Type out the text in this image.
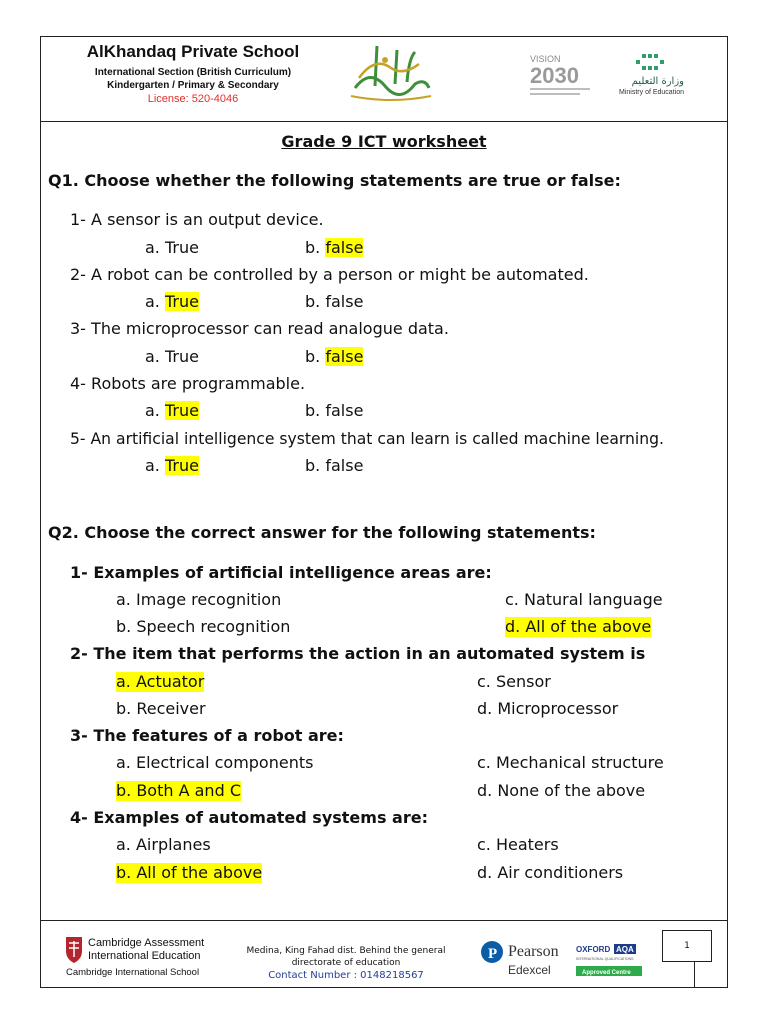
AlKhandaq Private School
International Section (British Curriculum)
Kindergarten / Primary & Secondary
License: 520-4046
VISION
2030	وزارة التعليم
Ministry of Education
Grade 9 ICT worksheet
Q1. Choose whether the following statements are true or false:
1- A sensor is an output device.
a. True	b. false
2- A robot can be controlled by a person or might be automated.
a. True	b. false
3- The microprocessor can read analogue data.
a. True	b. false
4- Robots are programmable.
a. True	b. false
5- An artificial intelligence system that can learn is called machine learning.
a. True	b. false
Q2. Choose the correct answer for the following statements:
1- Examples of artificial intelligence areas are:
a. Image recognition	c. Natural language
b. Speech recognition	d. All of the above
2- The item that performs the action in an automated system is
a. Actuator	c. Sensor
b. Receiver	d. Microprocessor
3- The features of a robot are:
a. Electrical components	c. Mechanical structure
b. Both A and C	d. None of the above
4- Examples of automated systems are:
a. Airplanes	c. Heaters
b. All of the above	d. Air conditioners
Cambridge Assessment
International Education
Cambridge International School
Medina, King Fahad dist. Behind the general
directorate of education
Contact Number : 0148218567
P Pearson
Edexcel
OXFORD AQA
INTERNATIONAL QUALIFICATIONS
Approved Centre
1
